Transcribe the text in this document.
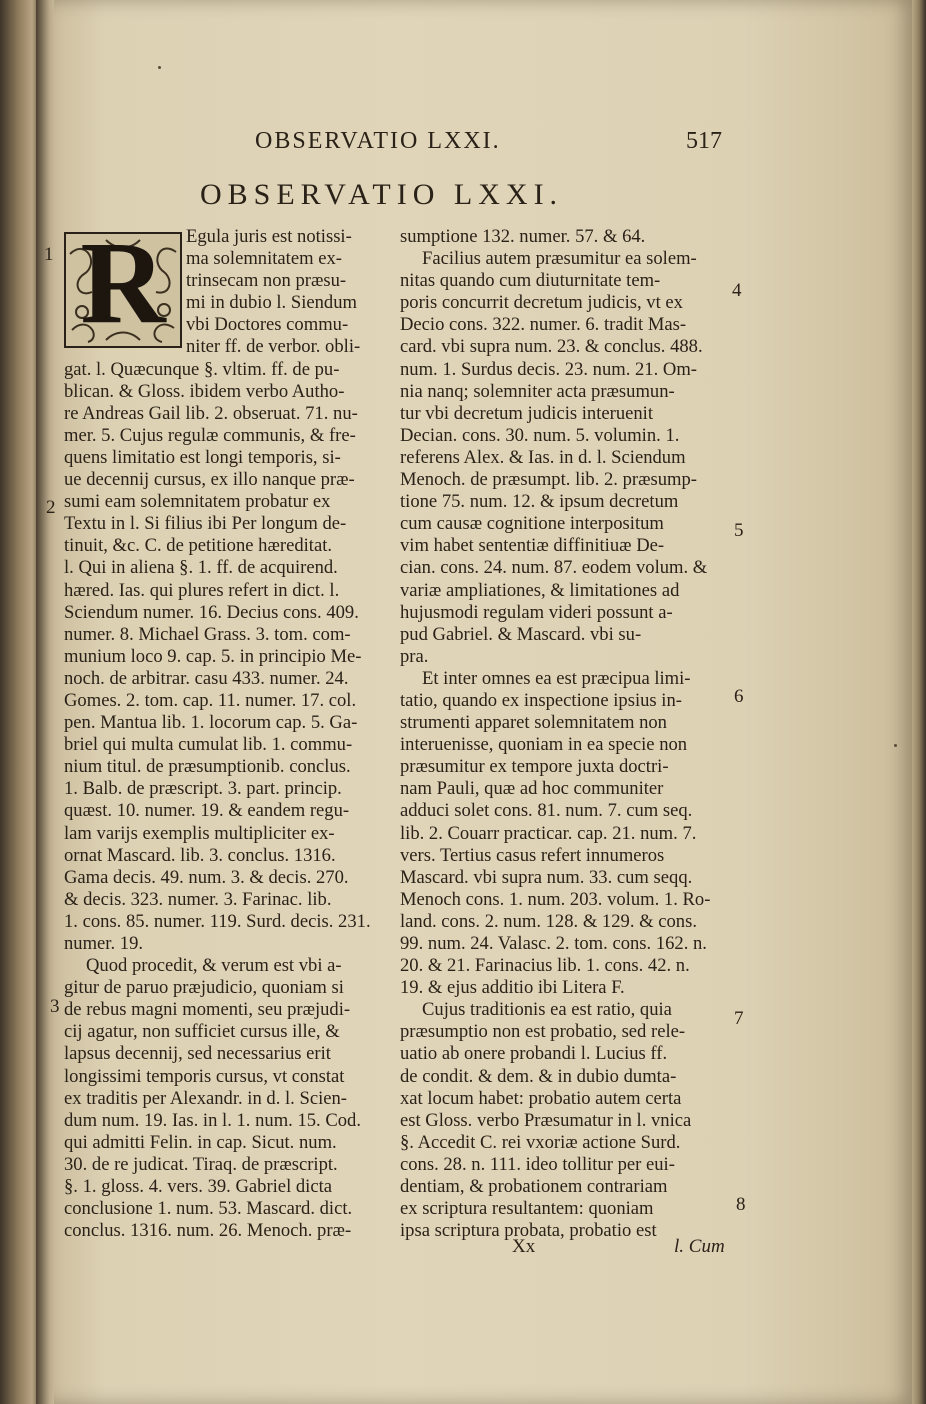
OBSERVATIO LXXI.	517
OBSERVATIO LXXI.
R	Egula juris est notissi-
ma solemnitatem ex-
trinsecam non præsu-
mi in dubio l. Siendum
vbi Doctores commu-
niter ff. de verbor. obli-
gat. l. Quæcunque §. vltim. ff. de pu-
blican. & Gloss. ibidem verbo Autho-
re Andreas Gail lib. 2. obseruat. 71. nu-
mer. 5. Cujus regulæ communis, & fre-
quens limitatio est longi temporis, si-
ue decennij cursus, ex illo nanque præ-
sumi eam solemnitatem probatur ex
Textu in l. Si filius ibi Per longum de-
tinuit, &c. C. de petitione hæreditat.
l. Qui in aliena §. 1. ff. de acquirend.
hæred. Ias. qui plures refert in dict. l.
Sciendum numer. 16. Decius cons. 409.
numer. 8. Michael Grass. 3. tom. com-
munium loco 9. cap. 5. in principio Me-
noch. de arbitrar. casu 433. numer. 24.
Gomes. 2. tom. cap. 11. numer. 17. col.
pen. Mantua lib. 1. locorum cap. 5. Ga-
briel qui multa cumulat lib. 1. commu-
nium titul. de præsumptionib. conclus.
1. Balb. de præscript. 3. part. princip.
quæst. 10. numer. 19. & eandem regu-
lam varijs exemplis multipliciter ex-
ornat Mascard. lib. 3. conclus. 1316.
Gama decis. 49. num. 3. & decis. 270.
& decis. 323. numer. 3. Farinac. lib.
1. cons. 85. numer. 119. Surd. decis. 231.
numer. 19.
Quod procedit, & verum est vbi a-
gitur de paruo præjudicio, quoniam si
de rebus magni momenti, seu præjudi-
cij agatur, non sufficiet cursus ille, &
lapsus decennij, sed necessarius erit
longissimi temporis cursus, vt constat
ex traditis per Alexandr. in d. l. Scien-
dum num. 19. Ias. in l. 1. num. 15. Cod.
qui admitti Felin. in cap. Sicut. num.
30. de re judicat. Tiraq. de præscript.
§. 1. gloss. 4. vers. 39. Gabriel dicta
conclusione 1. num. 53. Mascard. dict.
conclus. 1316. num. 26. Menoch. præ-
sumptione 132. numer. 57. & 64.
Facilius autem præsumitur ea solem-
nitas quando cum diuturnitate tem-
poris concurrit decretum judicis, vt ex
Decio cons. 322. numer. 6. tradit Mas-
card. vbi supra num. 23. & conclus. 488.
num. 1. Surdus decis. 23. num. 21. Om-
nia nanq; solemniter acta præsumun-
tur vbi decretum judicis interuenit
Decian. cons. 30. num. 5. volumin. 1.
referens Alex. & Ias. in d. l. Sciendum
Menoch. de præsumpt. lib. 2. præsump-
tione 75. num. 12. & ipsum decretum
cum causæ cognitione interpositum
vim habet sententiæ diffinitiuæ De-
cian. cons. 24. num. 87. eodem volum. &
variæ ampliationes, & limitationes ad
hujusmodi regulam videri possunt a-
pud Gabriel. & Mascard. vbi su-
pra.
Et inter omnes ea est præcipua limi-
tatio, quando ex inspectione ipsius in-
strumenti apparet solemnitatem non
interuenisse, quoniam in ea specie non
præsumitur ex tempore juxta doctri-
nam Pauli, quæ ad hoc communiter
adduci solet cons. 81. num. 7. cum seq.
lib. 2. Couarr practicar. cap. 21. num. 7.
vers. Tertius casus refert innumeros
Mascard. vbi supra num. 33. cum seqq.
Menoch cons. 1. num. 203. volum. 1. Ro-
land. cons. 2. num. 128. & 129. & cons.
99. num. 24. Valasc. 2. tom. cons. 162. n.
20. & 21. Farinacius lib. 1. cons. 42. n.
19. & ejus additio ibi Litera F.
Cujus traditionis ea est ratio, quia
præsumptio non est probatio, sed rele-
uatio ab onere probandi l. Lucius ff.
de condit. & dem. & in dubio dumta-
xat locum habet: probatio autem certa
est Gloss. verbo Præsumatur in l. vnica
§. Accedit C. rei vxoriæ actione Surd.
cons. 28. n. 111. ideo tollitur per eui-
dentiam, & probationem contrariam
ex scriptura resultantem: quoniam
ipsa scriptura probata, probatio est
1
2
3
4
5
6
7
8
Xx	l. Cum
